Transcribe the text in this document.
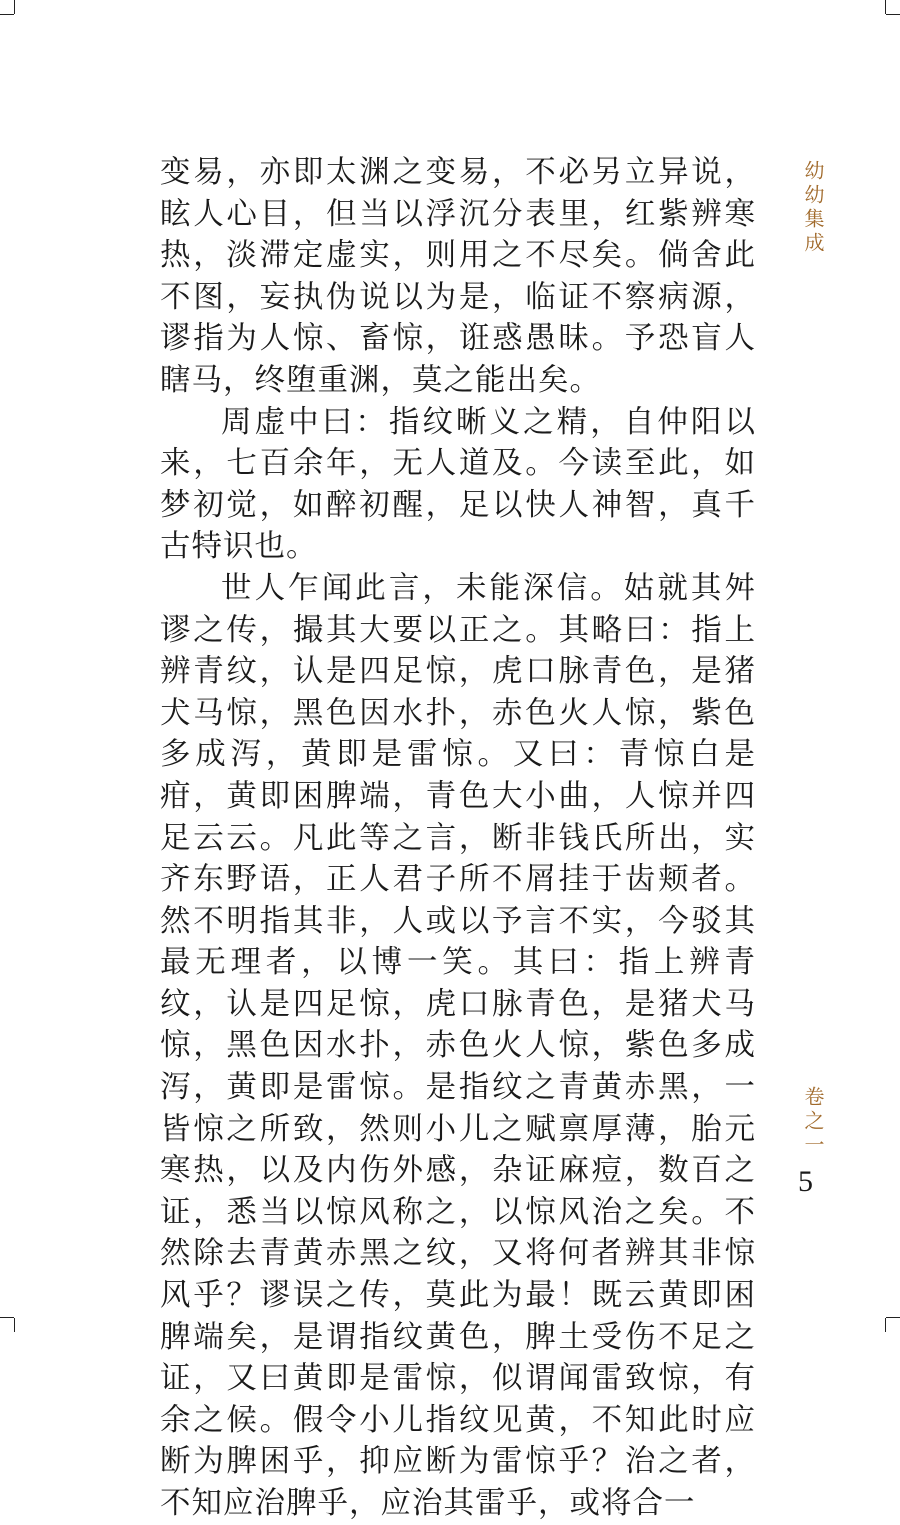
变易，亦即太渊之变易，不必另立异说，眩人心目，但当以浮沉分表里，红紫辨寒热，淡滞定虚实，则用之不尽矣。倘舍此不图，妄执伪说以为是，临证不察病源，谬指为人惊、畜惊，诳惑愚昧。予恐盲人瞎马，终堕重渊，莫之能出矣。

周虚中曰：指纹晰义之精，自仲阳以来，七百余年，无人道及。今读至此，如梦初觉，如醉初醒，足以快人神智，真千古特识也。

世人乍闻此言，未能深信。姑就其舛谬之传，撮其大要以正之。其略曰：指上辨青纹，认是四足惊，虎口脉青色，是猪犬马惊，黑色因水扑，赤色火人惊，紫色多成泻，黄即是雷惊。又曰：青惊白是疳，黄即困脾端，青色大小曲，人惊并四足云云。凡此等之言，断非钱氏所出，实齐东野语，正人君子所不屑挂于齿颊者。然不明指其非，人或以予言不实，今驳其最无理者，以博一笑。其曰：指上辨青纹，认是四足惊，虎口脉青色，是猪犬马惊，黑色因水扑，赤色火人惊，紫色多成泻，黄即是雷惊。是指纹之青黄赤黑，一皆惊之所致，然则小儿之赋禀厚薄，胎元寒热，以及内伤外感，杂证麻痘，数百之证，悉当以惊风称之，以惊风治之矣。不然除去青黄赤黑之纹，又将何者辨其非惊风乎？谬误之传，莫此为最！既云黄即困脾端矣，是谓指纹黄色，脾土受伤不足之证，又曰黄即是雷惊，似谓闻雷致惊，有余之候。假令小儿指纹见黄，不知此时应断为脾困乎，抑应断为雷惊乎？治之者，不知应治脾乎，应治其雷乎，或将合一

幼幼集成
卷之一
5
